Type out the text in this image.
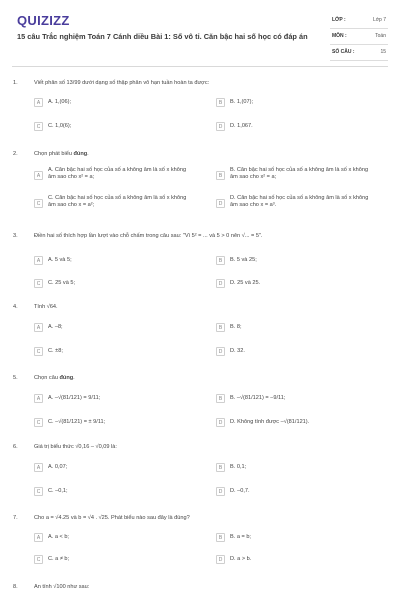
QUIZIZZ
15 câu Trắc nghiệm Toán 7 Cánh diều Bài 1: Số vô tỉ. Căn bậc hai số học có đáp án
LỚP :	Lớp 7
MÔN :	Toán
SỐ CÂU :	15
1.	Viết phân số 13/99 dưới dạng số thập phân vô hạn tuần hoàn ta được:
A	A. 1,(06);	B	B. 1,(07);
C	C. 1,0(6);	D	D. 1,067.
2.	Chọn phát biểu đúng.
A
A. Căn bậc hai số học của số a không âm là số x không âm sao cho x² = a;	B
B. Căn bậc hai số học của số a không âm là số x không âm sao cho x² = a;
C
C. Căn bậc hai số học của số a không âm là số x không âm sao cho x = a²;	D
D. Căn bậc hai số học của số a không âm là số x không âm sao cho x = a³.
3.	Điền hai số thích hợp lần lượt vào chỗ chấm trong câu sau: "Vì 5² = ... và 5 > 0 nên √... = 5".
A	A. 5 và 5;	B	B. 5 và 25;
C	C. 25 và 5;	D	D. 25 và 25.
4.	Tính √64.
A	A. –8;	B	B. 8;
C	C. ±8;	D	D. 32.
5.	Chọn câu đúng.
A	A. –√(81/121) = 9/11;	B	B. –√(81/121) = –9/11;
C	C. –√(81/121) = ± 9/11;	D	D. Không tính được –√(81/121).
6.	Giá trị biểu thức √0,16 – √0,09 là:
A	A. 0,07;	B	B. 0,1;
C	C. –0,1;	D	D. –0,7.
7.	Cho a = √4.25 và b = √4 . √25. Phát biểu nào sau đây là đúng?
A	A. a < b;	B	B. a = b;
C	C. a ≠ b;	D	D. a > b.
8.	An tính √100 như sau:
